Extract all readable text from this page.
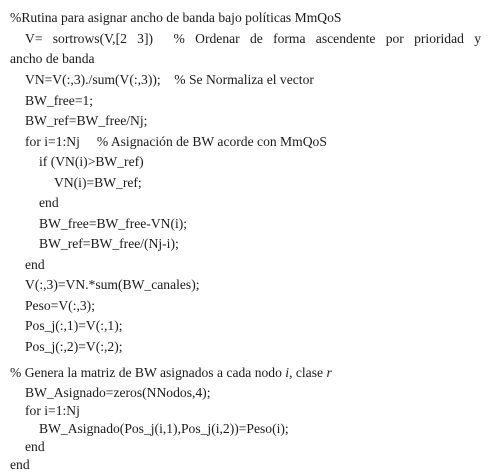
%Rutina para asignar ancho de banda bajo políticas MmQoS
V= sortrows(V,[2 3])  % Ordenar de forma ascendente por prioridad y
ancho de banda
VN=V(:,3)./sum(V(:,3));    % Se Normaliza el vector
BW_free=1;
BW_ref=BW_free/Nj;
for i=1:Nj     % Asignación de BW acorde con MmQoS
if (VN(i)>BW_ref)
VN(i)=BW_ref;
end
BW_free=BW_free-VN(i);
BW_ref=BW_free/(Nj-i);
end
V(:,3)=VN.*sum(BW_canales);
Peso=V(:,3);
Pos_j(:,1)=V(:,1);
Pos_j(:,2)=V(:,2);
% Genera la matriz de BW asignados a cada nodo i, clase r
BW_Asignado=zeros(NNodos,4);
for i=1:Nj
BW_Asignado(Pos_j(i,1),Pos_j(i,2))=Peso(i);
end
end
